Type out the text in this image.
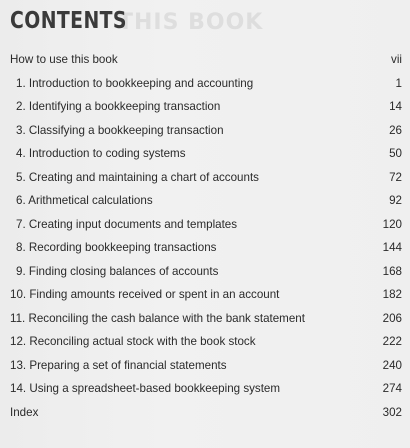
THIS BOOK
CONTENTS
How to use this book	vii
1. Introduction to bookkeeping and accounting	1
2. Identifying a bookkeeping transaction	14
3. Classifying a bookkeeping transaction	26
4. Introduction to coding systems	50
5. Creating and maintaining a chart of accounts	72
6. Arithmetical calculations	92
7. Creating input documents and templates	120
8. Recording bookkeeping transactions	144
9. Finding closing balances of accounts	168
10. Finding amounts received or spent in an account	182
11. Reconciling the cash balance with the bank statement	206
12. Reconciling actual stock with the book stock	222
13. Preparing a set of financial statements	240
14. Using a spreadsheet-based bookkeeping system	274
Index	302
